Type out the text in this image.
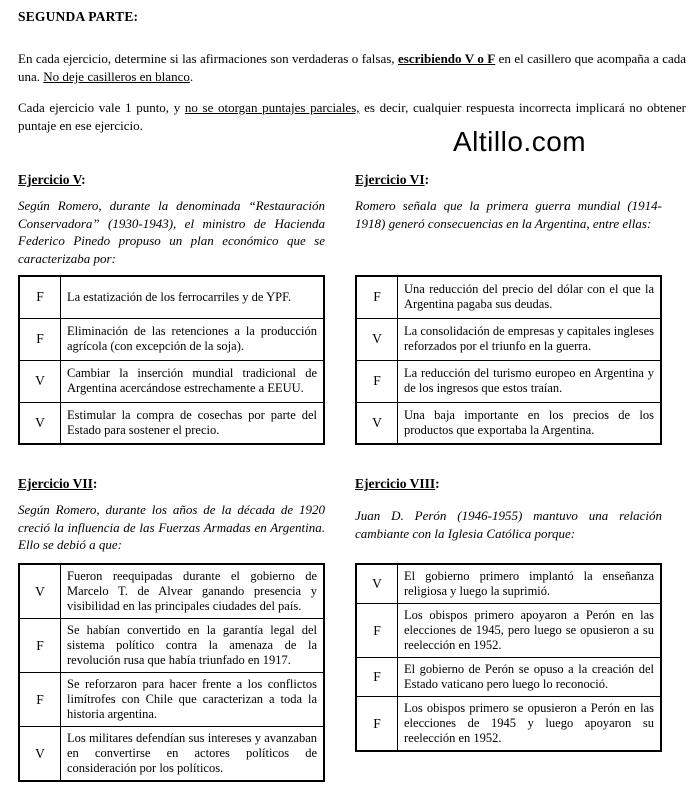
SEGUNDA PARTE:

En cada ejercicio, determine si las afirmaciones son verdaderas o falsas, escribiendo V o F en el casillero que acompaña a cada una. No deje casilleros en blanco.

Cada ejercicio vale 1 punto, y no se otorgan puntajes parciales, es decir, cualquier respuesta incorrecta implicará no obtener puntaje en ese ejercicio.

Altillo.com
Ejercicio V:

Según Romero, durante la denominada “Restauración Conservadora” (1930-1943), el ministro de Hacienda Federico Pinedo propuso un plan económico que se caracterizaba por:

F	La estatización de los ferrocarriles y de YPF.
F	Eliminación de las retenciones a la producción agrícola (con excepción de la soja).
V	Cambiar la inserción mundial tradicional de Argentina acercándose estrechamente a EEUU.
V	Estimular la compra de cosechas por parte del Estado para sostener el precio.
Ejercicio VI:

Romero señala que la primera guerra mundial (1914-1918) generó consecuencias en la Argentina, entre ellas:

F	Una reducción del precio del dólar con el que la Argentina pagaba sus deudas.
V	La consolidación de empresas y capitales ingleses reforzados por el triunfo en la guerra.
F	La reducción del turismo europeo en Argentina y de los ingresos que estos traían.
V	Una baja importante en los precios de los productos que exportaba la Argentina.
Ejercicio VII:

Según Romero, durante los años de la década de 1920 creció la influencia de las Fuerzas Armadas en Argentina. Ello se debió a que:

V	Fueron reequipadas durante el gobierno de Marcelo T. de Alvear ganando presencia y visibilidad en las principales ciudades del país.
F	Se habían convertido en la garantía legal del sistema político contra la amenaza de la revolución rusa que había triunfado en 1917.
F	Se reforzaron para hacer frente a los conflictos limítrofes con Chile que caracterizan a toda la historia argentina.
V	Los militares defendían sus intereses y avanzaban en convertirse en actores políticos de consideración por los políticos.
Ejercicio VIII:

Juan D. Perón (1946-1955) mantuvo una relación cambiante con la Iglesia Católica porque:

V	El gobierno primero implantó la enseñanza religiosa y luego la suprimió.
F	Los obispos primero apoyaron a Perón en las elecciones de 1945, pero luego se opusieron a su reelección en 1952.
F	El gobierno de Perón se opuso a la creación del Estado vaticano pero luego lo reconoció.
F	Los obispos primero se opusieron a Perón en las elecciones de 1945 y luego apoyaron su reelección en 1952.
